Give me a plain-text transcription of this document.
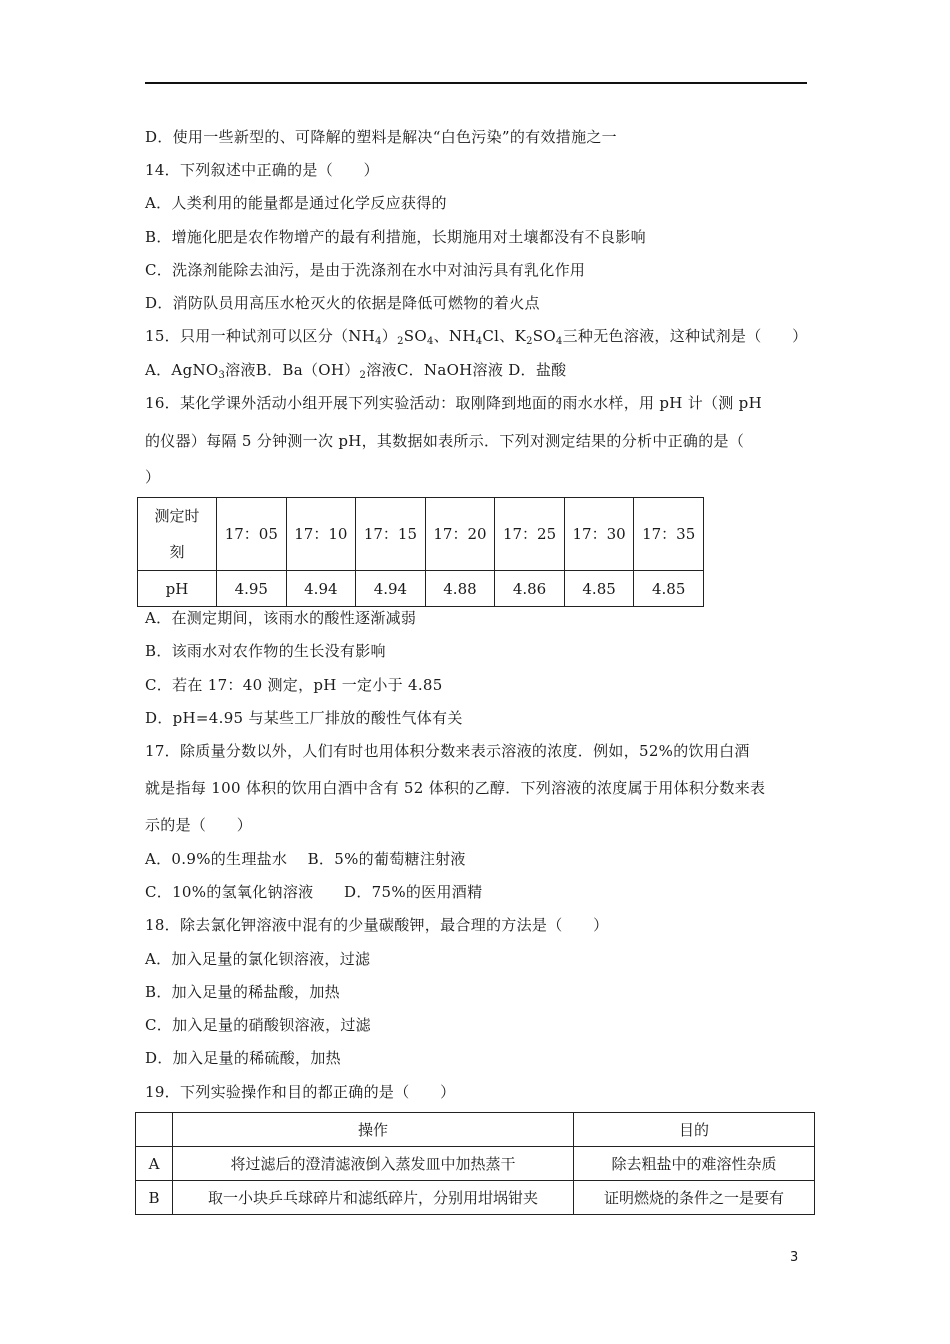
D．使用一些新型的、可降解的塑料是解决“白色污染”的有效措施之一
14．下列叙述中正确的是（　　）
A．人类利用的能量都是通过化学反应获得的
B．增施化肥是农作物增产的最有利措施，长期施用对土壤都没有不良影响
C．洗涤剂能除去油污，是由于洗涤剂在水中对油污具有乳化作用
D．消防队员用高压水枪灭火的依据是降低可燃物的着火点
15．只用一种试剂可以区分$(NH_4)_2SO_4$、$NH_4Cl$、$K_2SO_4$三种无色溶液，这种试剂是（　　）
A．AgNO$_3$溶液B．$Ba(OH)_2$溶液C．NaOH溶液 D．盐酸
16．某化学课外活动小组开展下列实验活动：取刚降到地面的雨水水样，用 pH 计（测 pH
的仪器）每隔 5 分钟测一次 pH，其数据如表所示．下列对测定结果的分析中正确的是（
）
测定时
刻	17：05	17：10	17：15	17：20	17：25	17：30	17：35
pH	4.95	4.94	4.94	4.88	4.86	4.85	4.85
A．在测定期间，该雨水的酸性逐渐减弱
B．该雨水对农作物的生长没有影响
C．若在 17：40 测定，pH 一定小于 4.85
D．pH=4.95 与某些工厂排放的酸性气体有关
17．除质量分数以外，人们有时也用体积分数来表示溶液的浓度．例如，52%的饮用白酒
就是指每 100 体积的饮用白酒中含有 52 体积的乙醇．下列溶液的浓度属于用体积分数来表
示的是（　　）
A．0.9%的生理盐水　 B．5%的葡萄糖注射液
C．10%的氢氧化钠溶液　　D．75%的医用酒精
18．除去氯化钾溶液中混有的少量碳酸钾，最合理的方法是（　　）
A．加入足量的氯化钡溶液，过滤
B．加入足量的稀盐酸，加热
C．加入足量的硝酸钡溶液，过滤
D．加入足量的稀硫酸，加热
19．下列实验操作和目的都正确的是（　　）
	操作	目的
A	将过滤后的澄清滤液倒入蒸发皿中加热蒸干	除去粗盐中的难溶性杂质
B	取一小块乒乓球碎片和滤纸碎片，分别用坩埚钳夹	证明燃烧的条件之一是要有
3
